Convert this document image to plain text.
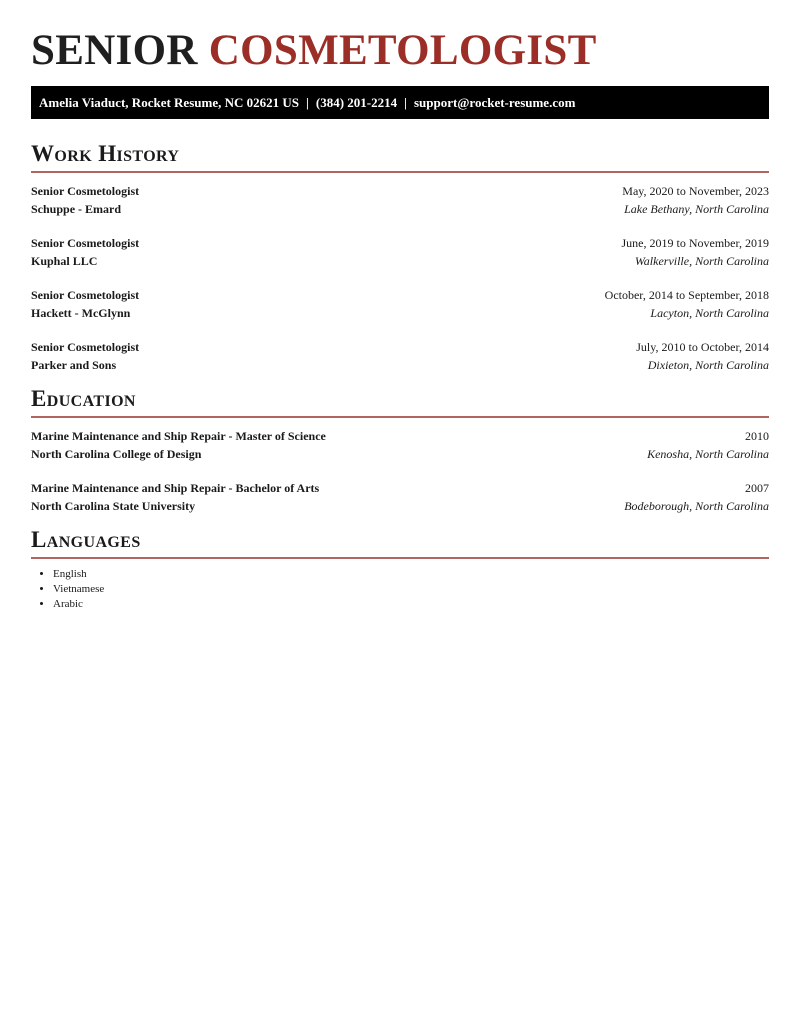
SENIOR COSMETOLOGIST
Amelia Viaduct, Rocket Resume, NC 02621 US | (384) 201-2214 | support@rocket-resume.com
Work History
Senior Cosmetologist	May, 2020 to November, 2023
Schuppe - Emard	Lake Bethany, North Carolina
Senior Cosmetologist	June, 2019 to November, 2019
Kuphal LLC	Walkerville, North Carolina
Senior Cosmetologist	October, 2014 to September, 2018
Hackett - McGlynn	Lacyton, North Carolina
Senior Cosmetologist	July, 2010 to October, 2014
Parker and Sons	Dixieton, North Carolina
Education
Marine Maintenance and Ship Repair - Master of Science	2010
North Carolina College of Design	Kenosha, North Carolina
Marine Maintenance and Ship Repair - Bachelor of Arts	2007
North Carolina State University	Bodeborough, North Carolina
Languages
• English
• Vietnamese
• Arabic
